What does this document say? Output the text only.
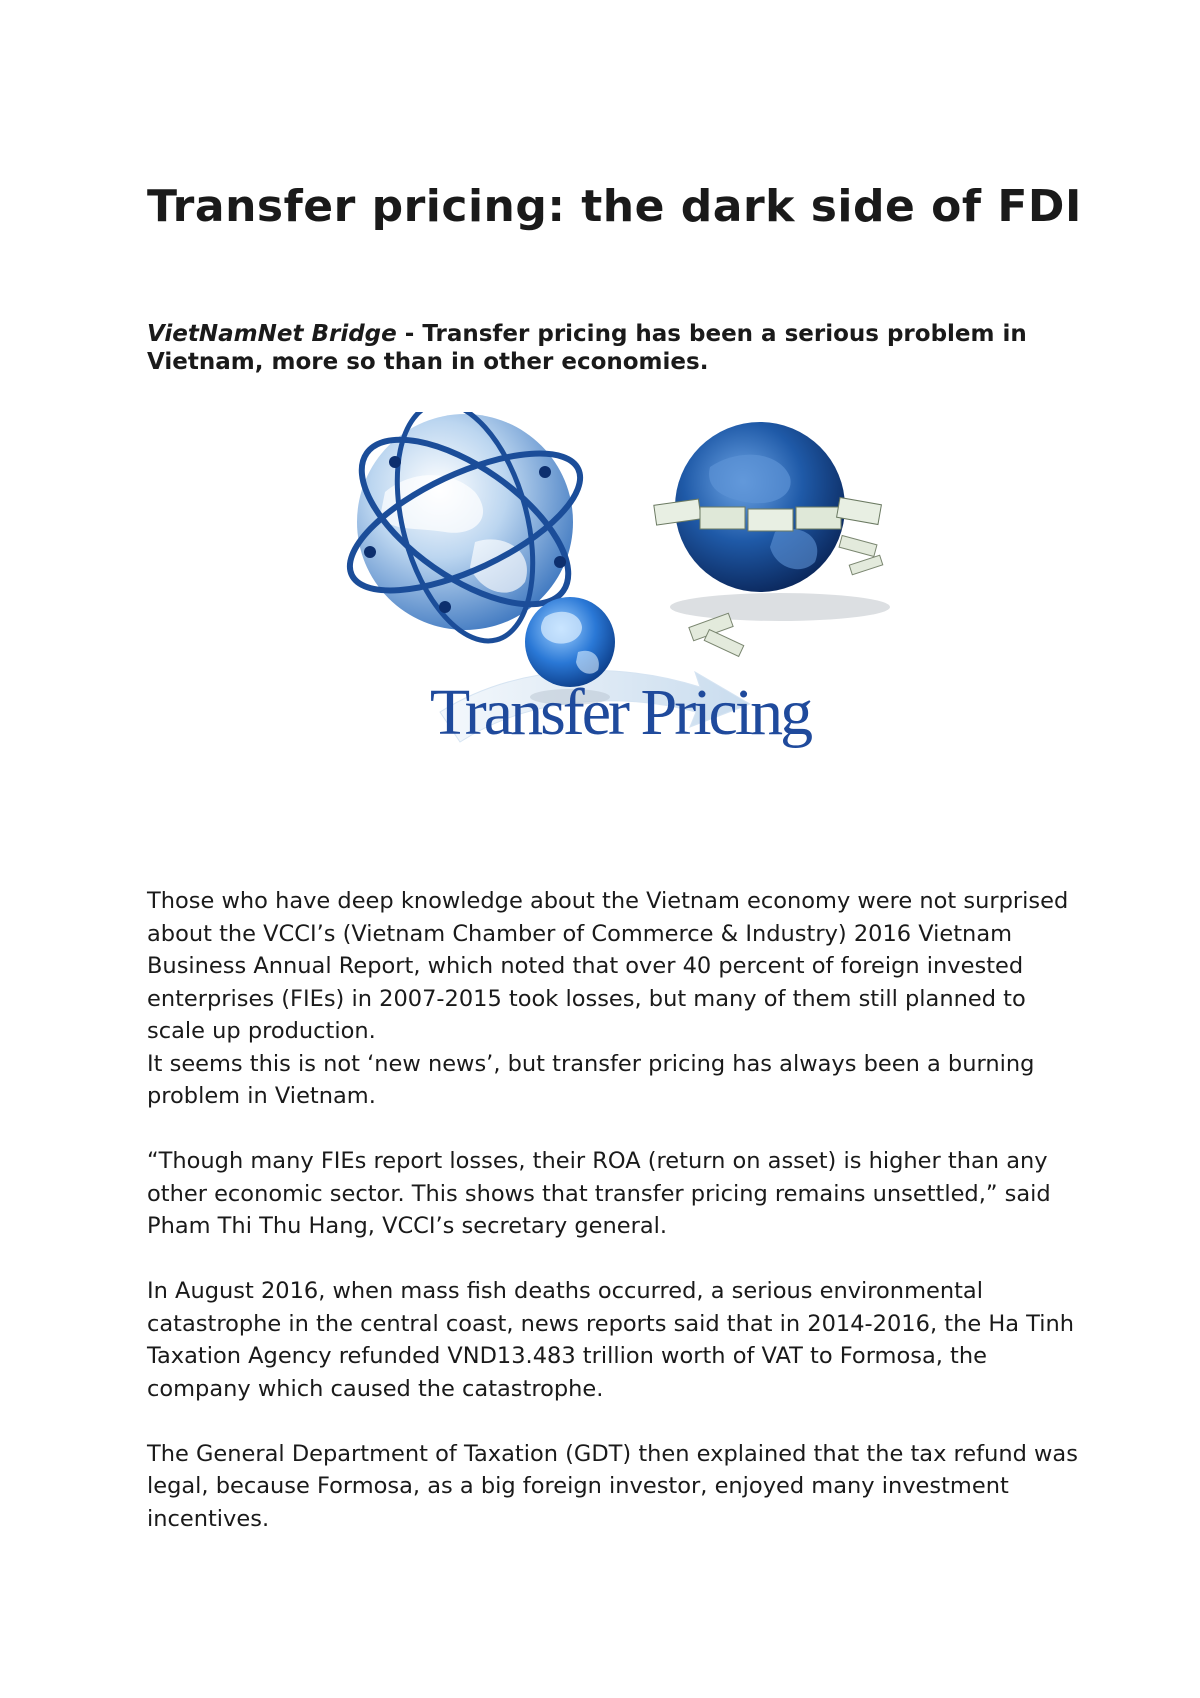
Transfer pricing: the dark side of FDI

VietNamNet Bridge - Transfer pricing has been a serious problem in Vietnam, more so than in other economies.

Transfer Pricing

Those who have deep knowledge about the Vietnam economy were not surprised about the VCCI’s (Vietnam Chamber of Commerce & Industry) 2016 Vietnam Business Annual Report, which noted that over 40 percent of foreign invested enterprises (FIEs) in 2007-2015 took losses, but many of them still planned to scale up production.

It seems this is not ‘new news’, but transfer pricing has always been a burning problem in Vietnam.

“Though many FIEs report losses, their ROA (return on asset) is higher than any other economic sector. This shows that transfer pricing remains unsettled,” said Pham Thi Thu Hang, VCCI’s secretary general.

In August 2016, when mass fish deaths occurred, a serious environmental catastrophe in the central coast, news reports said that in 2014-2016, the Ha Tinh Taxation Agency refunded VND13.483 trillion worth of VAT to Formosa, the company which caused the catastrophe.

The General Department of Taxation (GDT) then explained that the tax refund was legal, because Formosa, as a big foreign investor, enjoyed many investment incentives.
